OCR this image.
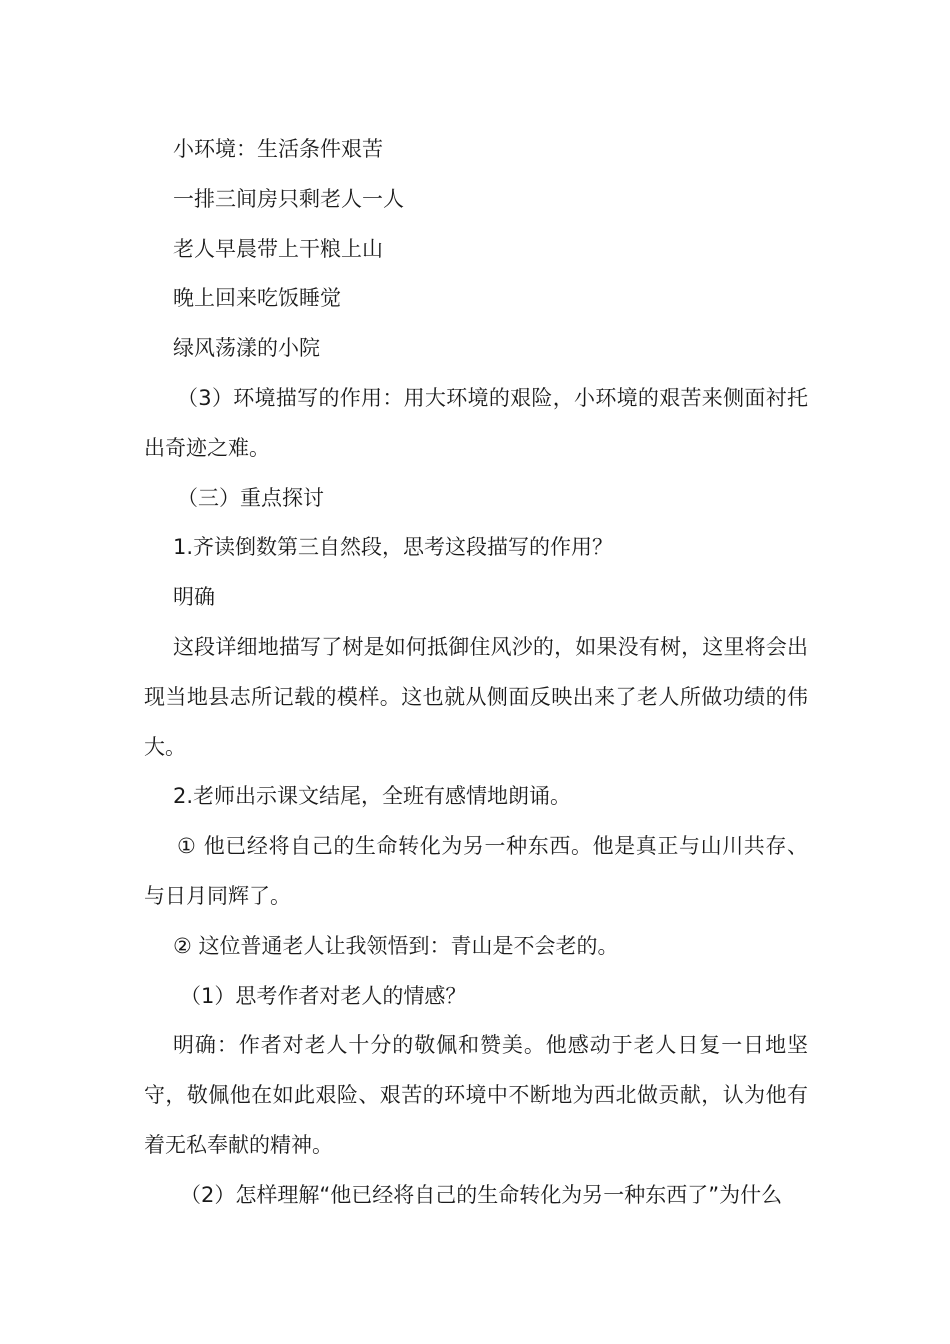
小环境：生活条件艰苦

一排三间房只剩老人一人

老人早晨带上干粮上山

晚上回来吃饭睡觉

绿风荡漾的小院

（3）环境描写的作用：用大环境的艰险，小环境的艰苦来侧面衬托出奇迹之难。

（三）重点探讨

1.齐读倒数第三自然段，思考这段描写的作用？

明确

这段详细地描写了树是如何抵御住风沙的，如果没有树，这里将会出现当地县志所记载的模样。这也就从侧面反映出来了老人所做功绩的伟大。

2.老师出示课文结尾，全班有感情地朗诵。

① 他已经将自己的生命转化为另一种东西。他是真正与山川共存、与日月同辉了。

② 这位普通老人让我领悟到：青山是不会老的。

（1）思考作者对老人的情感？

明确：作者对老人十分的敬佩和赞美。他感动于老人日复一日地坚守，敬佩他在如此艰险、艰苦的环境中不断地为西北做贡献，认为他有着无私奉献的精神。

（2）怎样理解“他已经将自己的生命转化为另一种东西了”为什么
